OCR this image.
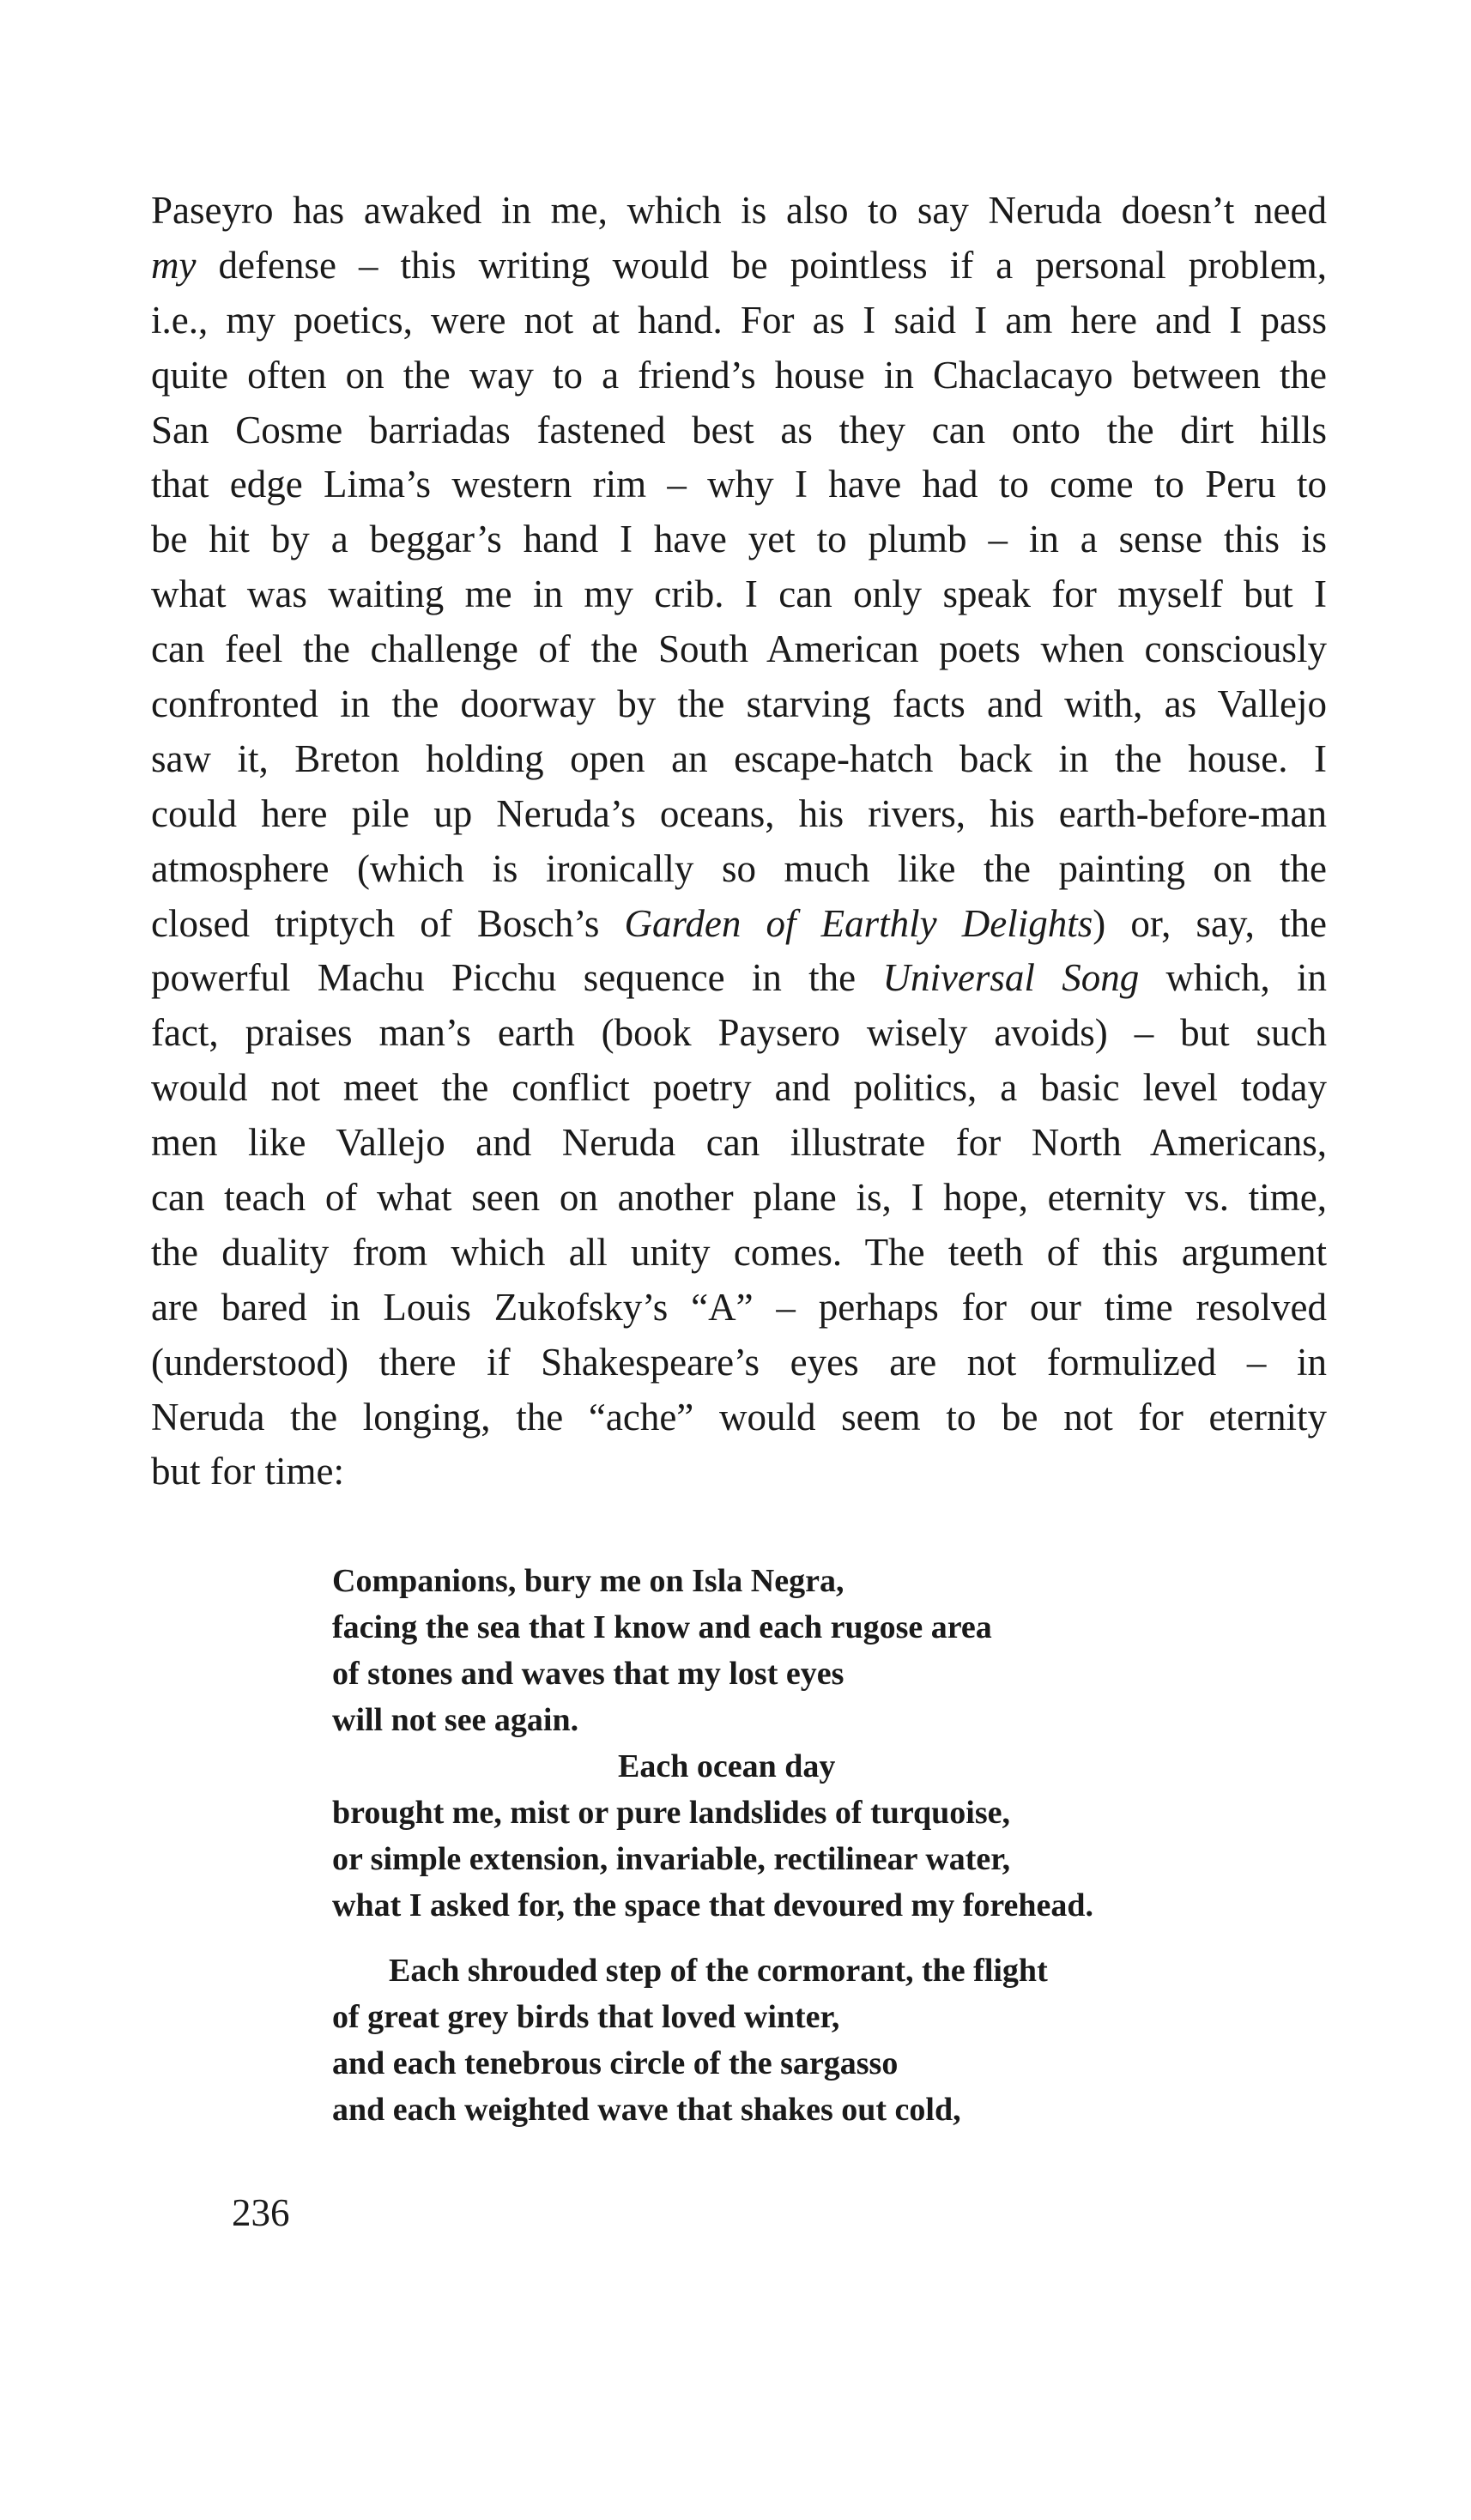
Paseyro has awaked in me, which is also to say Neruda doesn’t need
my defense – this writing would be pointless if a personal problem,
i.e., my poetics, were not at hand. For as I said I am here and I pass
quite often on the way to a friend’s house in Chaclacayo between the
San Cosme barriadas fastened best as they can onto the dirt hills
that edge Lima’s western rim – why I have had to come to Peru to
be hit by a beggar’s hand I have yet to plumb – in a sense this is
what was waiting me in my crib. I can only speak for myself but I
can feel the challenge of the South American poets when consciously
confronted in the doorway by the starving facts and with, as Vallejo
saw it, Breton holding open an escape-hatch back in the house. I
could here pile up Neruda’s oceans, his rivers, his earth-before-man
atmosphere (which is ironically so much like the painting on the
closed triptych of Bosch’s Garden of Earthly Delights) or, say, the
powerful Machu Picchu sequence in the Universal Song which, in
fact, praises man’s earth (book Paysero wisely avoids) – but such
would not meet the conflict poetry and politics, a basic level today
men like Vallejo and Neruda can illustrate for North Americans,
can teach of what seen on another plane is, I hope, eternity vs. time,
the duality from which all unity comes. The teeth of this argument
are bared in Louis Zukofsky’s “A” – perhaps for our time resolved
(understood) there if Shakespeare’s eyes are not formulized – in
Neruda the longing, the “ache” would seem to be not for eternity
but for time:
Companions, bury me on Isla Negra,
facing the sea that I know and each rugose area
of stones and waves that my lost eyes
will not see again.
Each ocean day
brought me, mist or pure landslides of turquoise,
or simple extension, invariable, rectilinear water,
what I asked for, the space that devoured my forehead.
Each shrouded step of the cormorant, the flight
of great grey birds that loved winter,
and each tenebrous circle of the sargasso
and each weighted wave that shakes out cold,
236
